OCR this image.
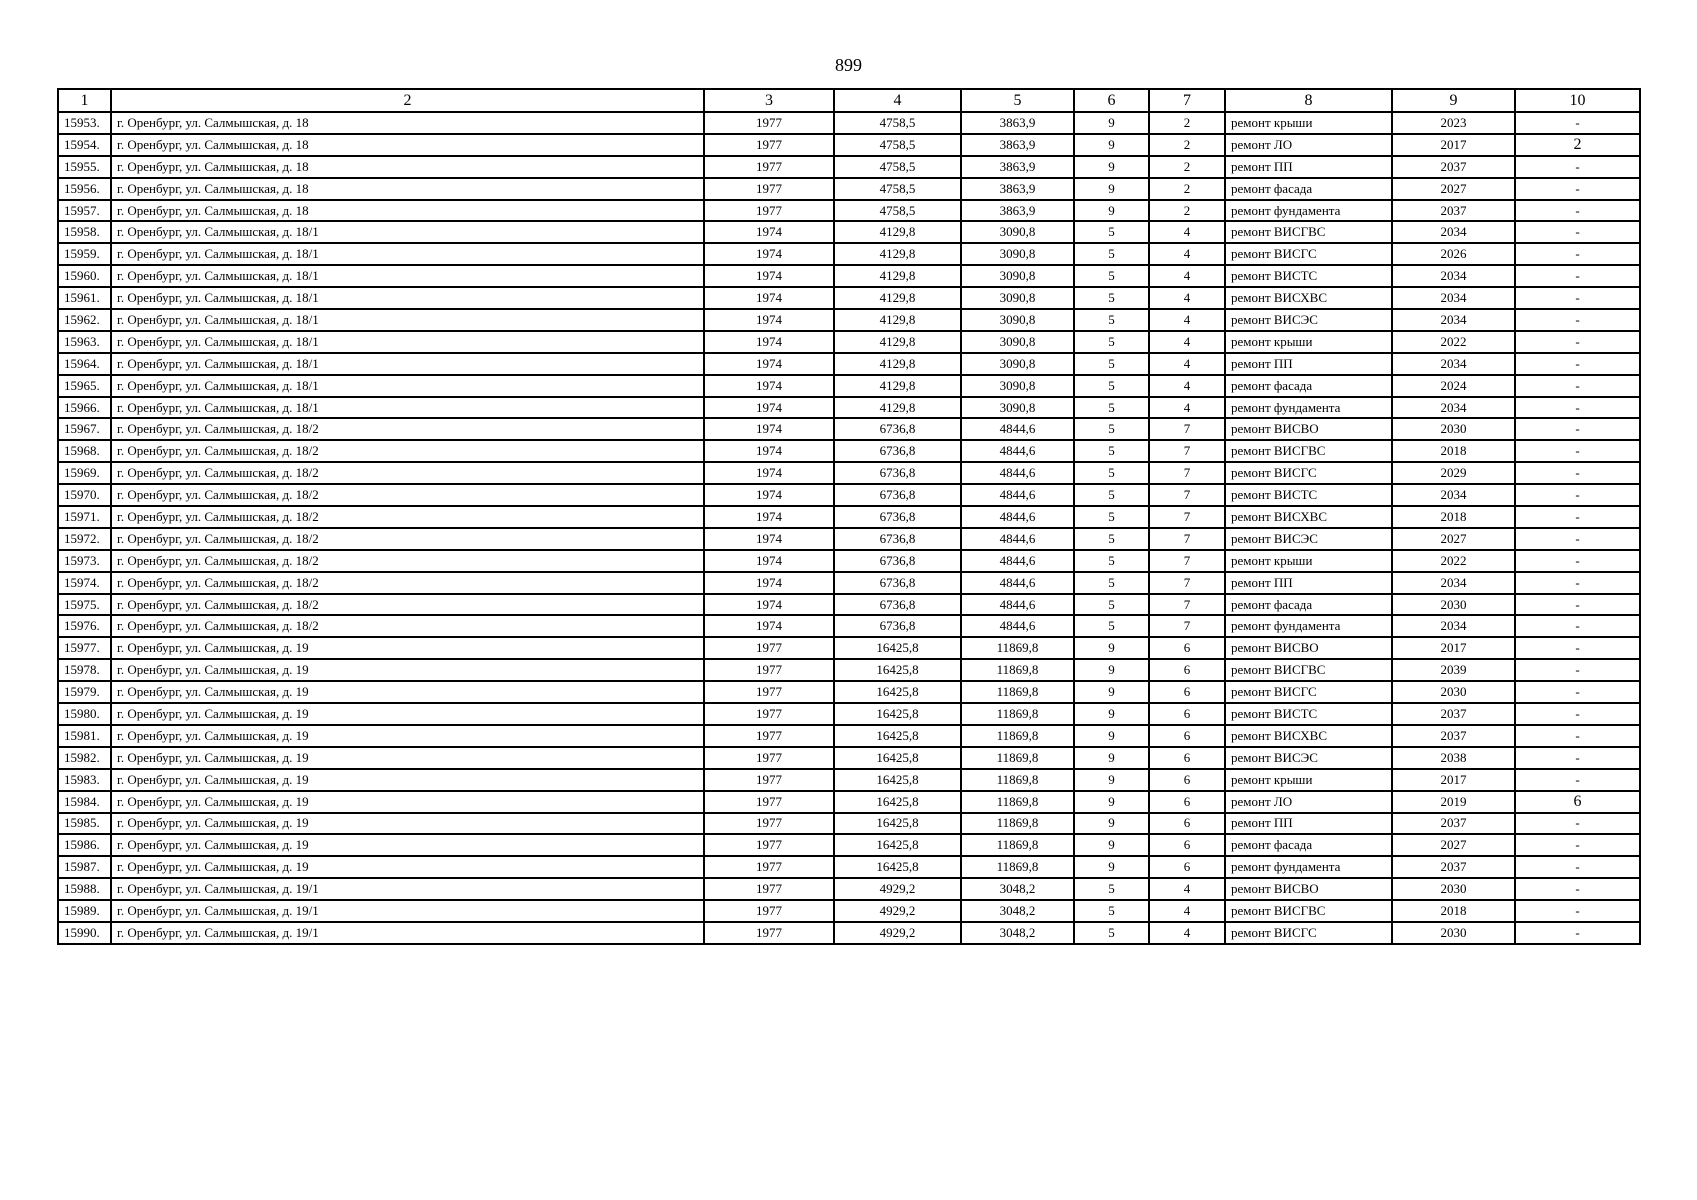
899
1	2	3	4	5	6	7	8	9	10
15953.	г. Оренбург, ул. Салмышская, д. 18	1977	4758,5	3863,9	9	2	ремонт крыши	2023	-
15954.	г. Оренбург, ул. Салмышская, д. 18	1977	4758,5	3863,9	9	2	ремонт ЛО	2017	2
15955.	г. Оренбург, ул. Салмышская, д. 18	1977	4758,5	3863,9	9	2	ремонт ПП	2037	-
15956.	г. Оренбург, ул. Салмышская, д. 18	1977	4758,5	3863,9	9	2	ремонт фасада	2027	-
15957.	г. Оренбург, ул. Салмышская, д. 18	1977	4758,5	3863,9	9	2	ремонт фундамента	2037	-
15958.	г. Оренбург, ул. Салмышская, д. 18/1	1974	4129,8	3090,8	5	4	ремонт ВИСГВС	2034	-
15959.	г. Оренбург, ул. Салмышская, д. 18/1	1974	4129,8	3090,8	5	4	ремонт ВИСГС	2026	-
15960.	г. Оренбург, ул. Салмышская, д. 18/1	1974	4129,8	3090,8	5	4	ремонт ВИСТС	2034	-
15961.	г. Оренбург, ул. Салмышская, д. 18/1	1974	4129,8	3090,8	5	4	ремонт ВИСХВС	2034	-
15962.	г. Оренбург, ул. Салмышская, д. 18/1	1974	4129,8	3090,8	5	4	ремонт ВИСЭС	2034	-
15963.	г. Оренбург, ул. Салмышская, д. 18/1	1974	4129,8	3090,8	5	4	ремонт крыши	2022	-
15964.	г. Оренбург, ул. Салмышская, д. 18/1	1974	4129,8	3090,8	5	4	ремонт ПП	2034	-
15965.	г. Оренбург, ул. Салмышская, д. 18/1	1974	4129,8	3090,8	5	4	ремонт фасада	2024	-
15966.	г. Оренбург, ул. Салмышская, д. 18/1	1974	4129,8	3090,8	5	4	ремонт фундамента	2034	-
15967.	г. Оренбург, ул. Салмышская, д. 18/2	1974	6736,8	4844,6	5	7	ремонт ВИСВО	2030	-
15968.	г. Оренбург, ул. Салмышская, д. 18/2	1974	6736,8	4844,6	5	7	ремонт ВИСГВС	2018	-
15969.	г. Оренбург, ул. Салмышская, д. 18/2	1974	6736,8	4844,6	5	7	ремонт ВИСГС	2029	-
15970.	г. Оренбург, ул. Салмышская, д. 18/2	1974	6736,8	4844,6	5	7	ремонт ВИСТС	2034	-
15971.	г. Оренбург, ул. Салмышская, д. 18/2	1974	6736,8	4844,6	5	7	ремонт ВИСХВС	2018	-
15972.	г. Оренбург, ул. Салмышская, д. 18/2	1974	6736,8	4844,6	5	7	ремонт ВИСЭС	2027	-
15973.	г. Оренбург, ул. Салмышская, д. 18/2	1974	6736,8	4844,6	5	7	ремонт крыши	2022	-
15974.	г. Оренбург, ул. Салмышская, д. 18/2	1974	6736,8	4844,6	5	7	ремонт ПП	2034	-
15975.	г. Оренбург, ул. Салмышская, д. 18/2	1974	6736,8	4844,6	5	7	ремонт фасада	2030	-
15976.	г. Оренбург, ул. Салмышская, д. 18/2	1974	6736,8	4844,6	5	7	ремонт фундамента	2034	-
15977.	г. Оренбург, ул. Салмышская, д. 19	1977	16425,8	11869,8	9	6	ремонт ВИСВО	2017	-
15978.	г. Оренбург, ул. Салмышская, д. 19	1977	16425,8	11869,8	9	6	ремонт ВИСГВС	2039	-
15979.	г. Оренбург, ул. Салмышская, д. 19	1977	16425,8	11869,8	9	6	ремонт ВИСГС	2030	-
15980.	г. Оренбург, ул. Салмышская, д. 19	1977	16425,8	11869,8	9	6	ремонт ВИСТС	2037	-
15981.	г. Оренбург, ул. Салмышская, д. 19	1977	16425,8	11869,8	9	6	ремонт ВИСХВС	2037	-
15982.	г. Оренбург, ул. Салмышская, д. 19	1977	16425,8	11869,8	9	6	ремонт ВИСЭС	2038	-
15983.	г. Оренбург, ул. Салмышская, д. 19	1977	16425,8	11869,8	9	6	ремонт крыши	2017	-
15984.	г. Оренбург, ул. Салмышская, д. 19	1977	16425,8	11869,8	9	6	ремонт ЛО	2019	6
15985.	г. Оренбург, ул. Салмышская, д. 19	1977	16425,8	11869,8	9	6	ремонт ПП	2037	-
15986.	г. Оренбург, ул. Салмышская, д. 19	1977	16425,8	11869,8	9	6	ремонт фасада	2027	-
15987.	г. Оренбург, ул. Салмышская, д. 19	1977	16425,8	11869,8	9	6	ремонт фундамента	2037	-
15988.	г. Оренбург, ул. Салмышская, д. 19/1	1977	4929,2	3048,2	5	4	ремонт ВИСВО	2030	-
15989.	г. Оренбург, ул. Салмышская, д. 19/1	1977	4929,2	3048,2	5	4	ремонт ВИСГВС	2018	-
15990.	г. Оренбург, ул. Салмышская, д. 19/1	1977	4929,2	3048,2	5	4	ремонт ВИСГС	2030	-
